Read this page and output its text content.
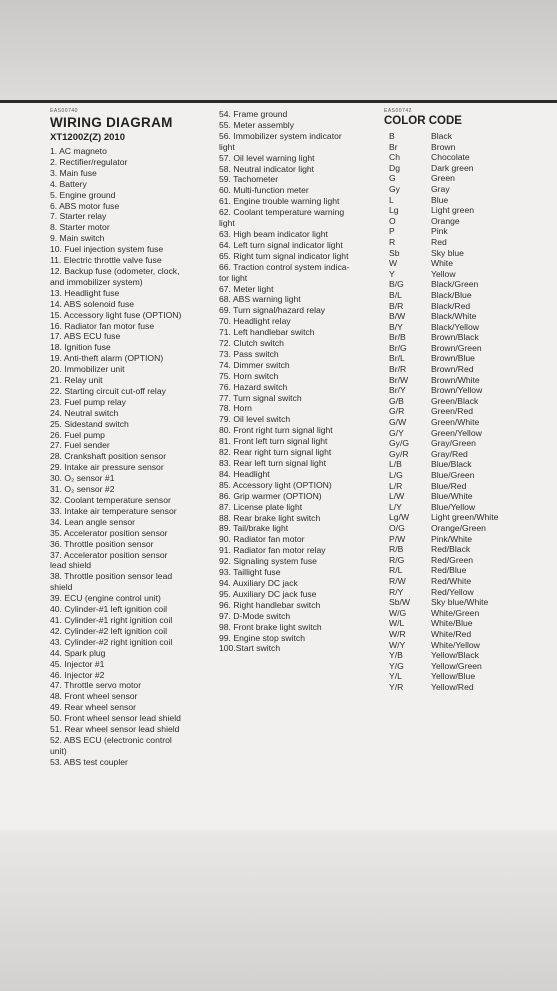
EAS00740
WIRING DIAGRAM
XT1200Z(Z) 2010
1. AC magneto
2. Rectifier/regulator
3. Main fuse
4. Battery
5. Engine ground
6. ABS motor fuse
7. Starter relay
8. Starter motor
9. Main switch
10. Fuel injection system fuse
11. Electric throttle valve fuse
12. Backup fuse (odometer, clock,
and immobilizer system)
13. Headlight fuse
14. ABS solenoid fuse
15. Accessory light fuse (OPTION)
16. Radiator fan motor fuse
17. ABS ECU fuse
18. Ignition fuse
19. Anti-theft alarm (OPTION)
20. Immobilizer unit
21. Relay unit
22. Starting circuit cut-off relay
23. Fuel pump relay
24. Neutral switch
25. Sidestand switch
26. Fuel pump
27. Fuel sender
28. Crankshaft position sensor
29. Intake air pressure sensor
30. O₂ sensor #1
31. O₂ sensor #2
32. Coolant temperature sensor
33. Intake air temperature sensor
34. Lean angle sensor
35. Accelerator position sensor
36. Throttle position sensor
37. Accelerator position sensor
lead shield
38. Throttle position sensor lead
shield
39. ECU (engine control unit)
40. Cylinder-#1 left ignition coil
41. Cylinder-#1 right ignition coil
42. Cylinder-#2 left ignition coil
43. Cylinder-#2 right ignition coil
44. Spark plug
45. Injector #1
46. Injector #2
47. Throttle servo motor
48. Front wheel sensor
49. Rear wheel sensor
50. Front wheel sensor lead shield
51. Rear wheel sensor lead shield
52. ABS ECU (electronic control
unit)
53. ABS test coupler
54. Frame ground
55. Meter assembly
56. Immobilizer system indicator
light
57. Oil level warning light
58. Neutral indicator light
59. Tachometer
60. Multi-function meter
61. Engine trouble warning light
62. Coolant temperature warning
light
63. High beam indicator light
64. Left turn signal indicator light
65. Right turn signal indicator light
66. Traction control system indica-
tor light
67. Meter light
68. ABS warning light
69. Turn signal/hazard relay
70. Headlight relay
71. Left handlebar switch
72. Clutch switch
73. Pass switch
74. Dimmer switch
75. Horn switch
76. Hazard switch
77. Turn signal switch
78. Horn
79. Oil level switch
80. Front right turn signal light
81. Front left turn signal light
82. Rear right turn signal light
83. Rear left turn signal light
84. Headlight
85. Accessory light (OPTION)
86. Grip warmer (OPTION)
87. License plate light
88. Rear brake light switch
89. Tail/brake light
90. Radiator fan motor
91. Radiator fan motor relay
92. Signaling system fuse
93. Taillight fuse
94. Auxiliary DC jack
95. Auxiliary DC jack fuse
96. Right handlebar switch
97. D-Mode switch
98. Front brake light switch
99. Engine stop switch
100.Start switch
EAS00742
COLOR CODE
B	Black
Br	Brown
Ch	Chocolate
Dg	Dark green
G	Green
Gy	Gray
L	Blue
Lg	Light green
O	Orange
P	Pink
R	Red
Sb	Sky blue
W	White
Y	Yellow
B/G	Black/Green
B/L	Black/Blue
B/R	Black/Red
B/W	Black/White
B/Y	Black/Yellow
Br/B	Brown/Black
Br/G	Brown/Green
Br/L	Brown/Blue
Br/R	Brown/Red
Br/W	Brown/White
Br/Y	Brown/Yellow
G/B	Green/Black
G/R	Green/Red
G/W	Green/White
G/Y	Green/Yellow
Gy/G	Gray/Green
Gy/R	Gray/Red
L/B	Blue/Black
L/G	Blue/Green
L/R	Blue/Red
L/W	Blue/White
L/Y	Blue/Yellow
Lg/W	Light green/White
O/G	Orange/Green
P/W	Pink/White
R/B	Red/Black
R/G	Red/Green
R/L	Red/Blue
R/W	Red/White
R/Y	Red/Yellow
Sb/W Sky blue/White
W/G	White/Green
W/L	White/Blue
W/R	White/Red
W/Y	White/Yellow
Y/B	Yellow/Black
Y/G	Yellow/Green
Y/L	Yellow/Blue
Y/R	Yellow/Red
